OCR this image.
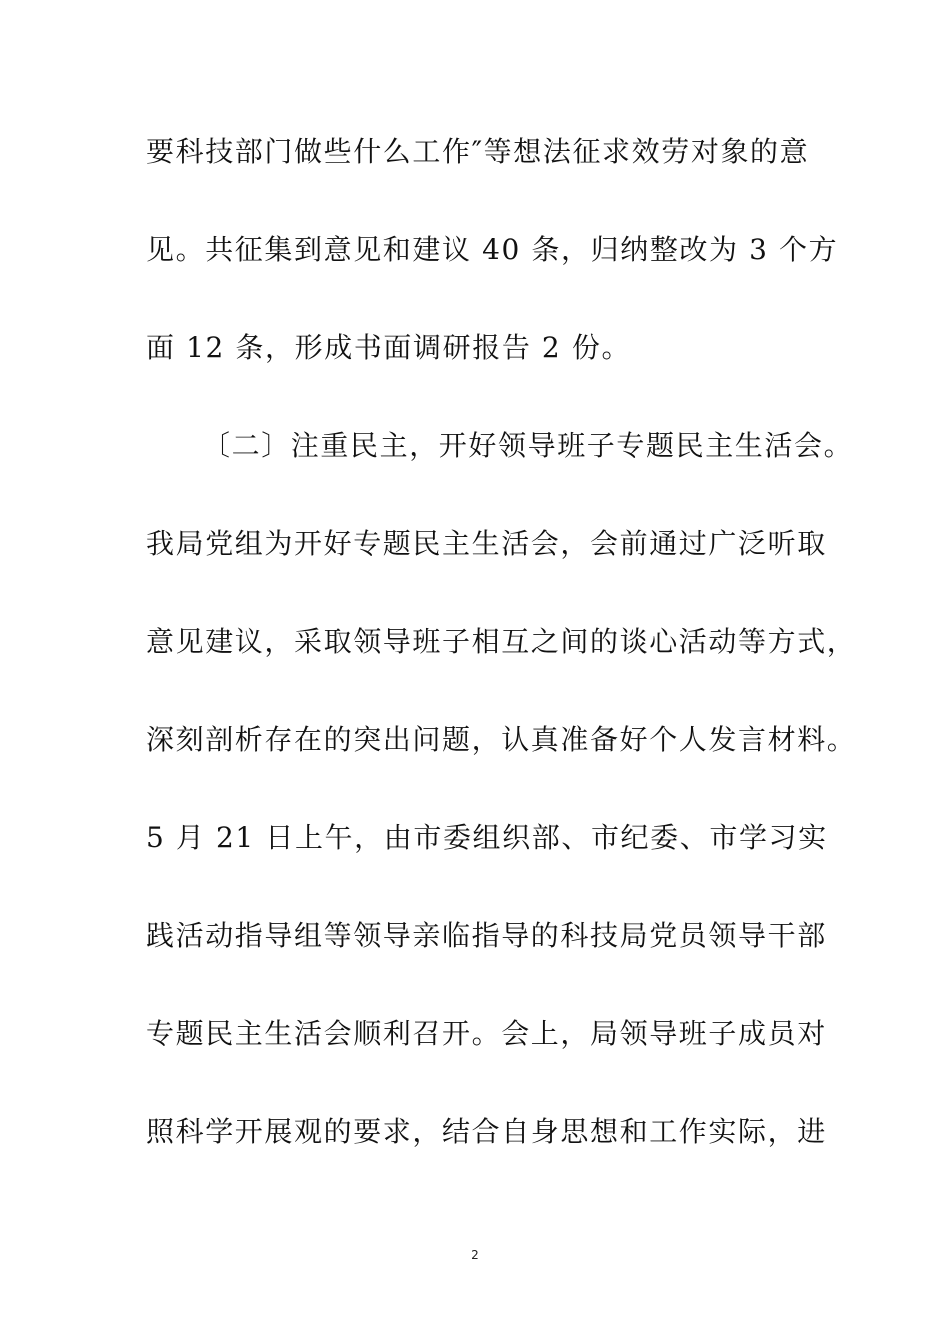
要科技部门做些什么工作″等想法征求效劳对象的意
见。共征集到意见和建议 40 条，归纳整改为 3 个方
面 12 条，形成书面调研报告 2 份。
〔二〕注重民主，开好领导班子专题民主生活会。
我局党组为开好专题民主生活会，会前通过广泛听取
意见建议，采取领导班子相互之间的谈心活动等方式，
深刻剖析存在的突出问题，认真准备好个人发言材料。
5 月 21 日上午，由市委组织部、市纪委、市学习实
践活动指导组等领导亲临指导的科技局党员领导干部
专题民主生活会顺利召开。会上，局领导班子成员对
照科学开展观的要求，结合自身思想和工作实际，进
2
